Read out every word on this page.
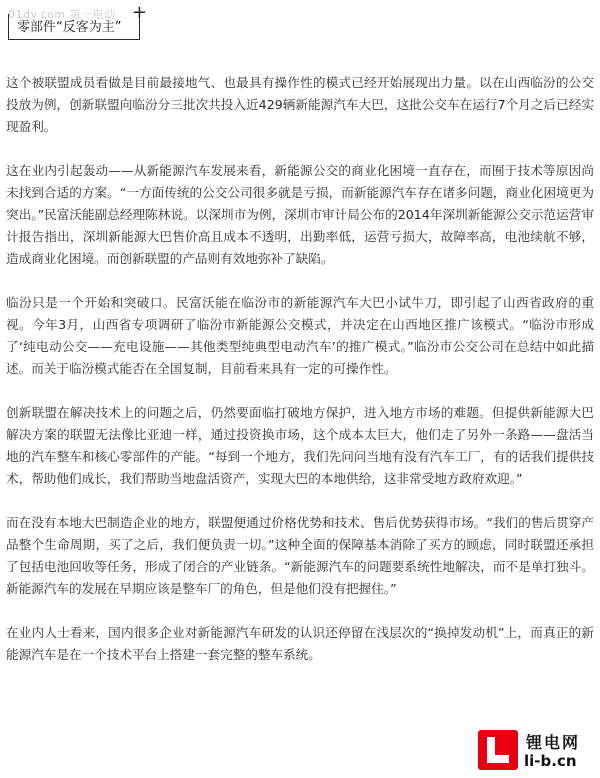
01dv.com 第一电动 +
零部件“反客为主”

这个被联盟成员看做是目前最接地气、也最具有操作性的模式已经开始展现出力量。以在山西临汾的公交投放为例，创新联盟向临汾分三批次共投入近429辆新能源汽车大巴，这批公交车在运行7个月之后已经实现盈利。

这在业内引起轰动——从新能源汽车发展来看，新能源公交的商业化困境一直存在，而囿于技术等原因尚未找到合适的方案。“一方面传统的公交公司很多就是亏损，而新能源汽车存在诸多问题，商业化困境更为突出。”民富沃能副总经理陈林说。以深圳市为例，深圳市审计局公布的2014年深圳新能源公交示范运营审计报告指出，深圳新能源大巴售价高且成本不透明，出勤率低，运营亏损大，故障率高，电池续航不够，造成商业化困境。而创新联盟的产品则有效地弥补了缺陷。

临汾只是一个开始和突破口。民富沃能在临汾市的新能源汽车大巴小试牛刀，即引起了山西省政府的重视。今年3月，山西省专项调研了临汾市新能源公交模式，并决定在山西地区推广该模式。“临汾市形成了‘纯电动公交——充电设施——其他类型纯典型电动汽车’的推广模式。”临汾市公交公司在总结中如此描述。而关于临汾模式能否在全国复制，目前看来具有一定的可操作性。

创新联盟在解决技术上的问题之后，仍然要面临打破地方保护，进入地方市场的难题。但提供新能源大巴解决方案的联盟无法像比亚迪一样，通过投资换市场，这个成本太巨大，他们走了另外一条路——盘活当地的汽车整车和核心零部件的产能。“每到一个地方，我们先问问当地有没有汽车工厂，有的话我们提供技术，帮助他们成长，我们帮助当地盘活资产，实现大巴的本地供给，这非常受地方政府欢迎。”

而在没有本地大巴制造企业的地方，联盟便通过价格优势和技术、售后优势获得市场。“我们的售后贯穿产品整个生命周期，买了之后，我们便负责一切。”这种全面的保障基本消除了买方的顾虑，同时联盟还承担了包括电池回收等任务，形成了闭合的产业链条。“新能源汽车的问题要系统性地解决，而不是单打独斗。新能源汽车的发展在早期应该是整车厂的角色，但是他们没有把握住。”

在业内人士看来，国内很多企业对新能源汽车研发的认识还停留在浅层次的“换掉发动机”上，而真正的新能源汽车是在一个技术平台上搭建一套完整的整车系统。

锂电网
li-b.cn
